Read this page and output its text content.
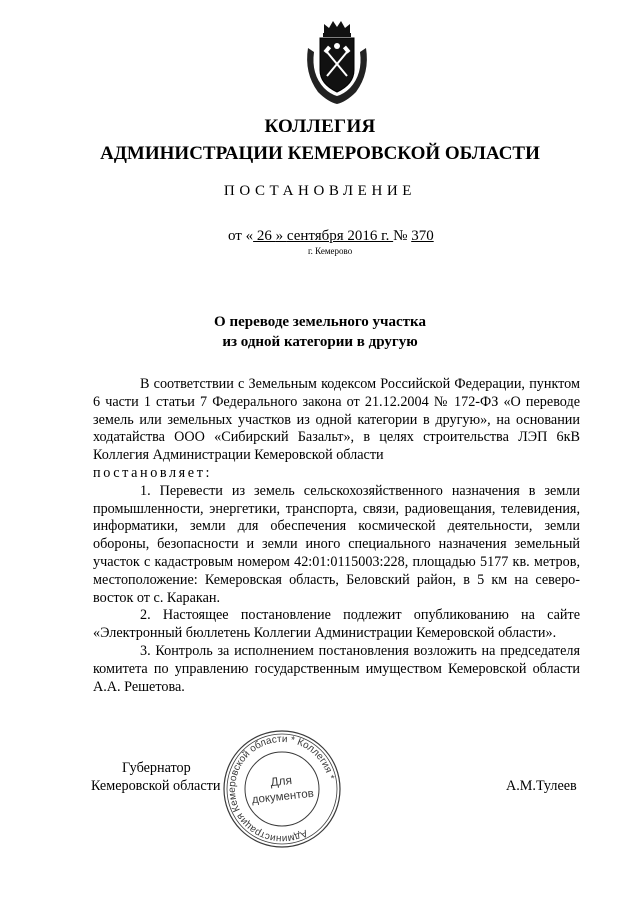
КОЛЛЕГИЯ
АДМИНИСТРАЦИИ КЕМЕРОВСКОЙ ОБЛАСТИ
ПОСТАНОВЛЕНИЕ
от « 26 » сентября 2016 г. № 370
г. Кемерово
О переводе земельного участка
из одной категории в другую

В соответствии с Земельным кодексом Российской Федерации, пунктом 6 части 1 статьи 7 Федерального закона от 21.12.2004 № 172-ФЗ «О переводе земель или земельных участков из одной категории в другую», на основании ходатайства ООО «Сибирский Базальт», в целях строительства ЛЭП 6кВ Коллегия Администрации Кемеровской области

постановляет:

1. Перевести из земель сельскохозяйственного назначения в земли промышленности, энергетики, транспорта, связи, радиовещания, телевидения, информатики, земли для обеспечения космической деятельности, земли обороны, безопасности и земли иного специального назначения земельный участок с кадастровым номером 42:01:0115003:228, площадью 5177 кв. метров, местоположение: Кемеровская область, Беловский район, в 5 км на северо-восток от с. Каракан.

2. Настоящее постановление подлежит опубликованию на сайте «Электронный бюллетень Коллегии Администрации Кемеровской области».

3. Контроль за исполнением постановления возложить на председателя комитета по управлению государственным имуществом Кемеровской области А.А. Решетова.

Губернатор
Кемеровской области	А.М.Тулеев
Администрация Кемеровской области * Коллегия *
Для
документов
